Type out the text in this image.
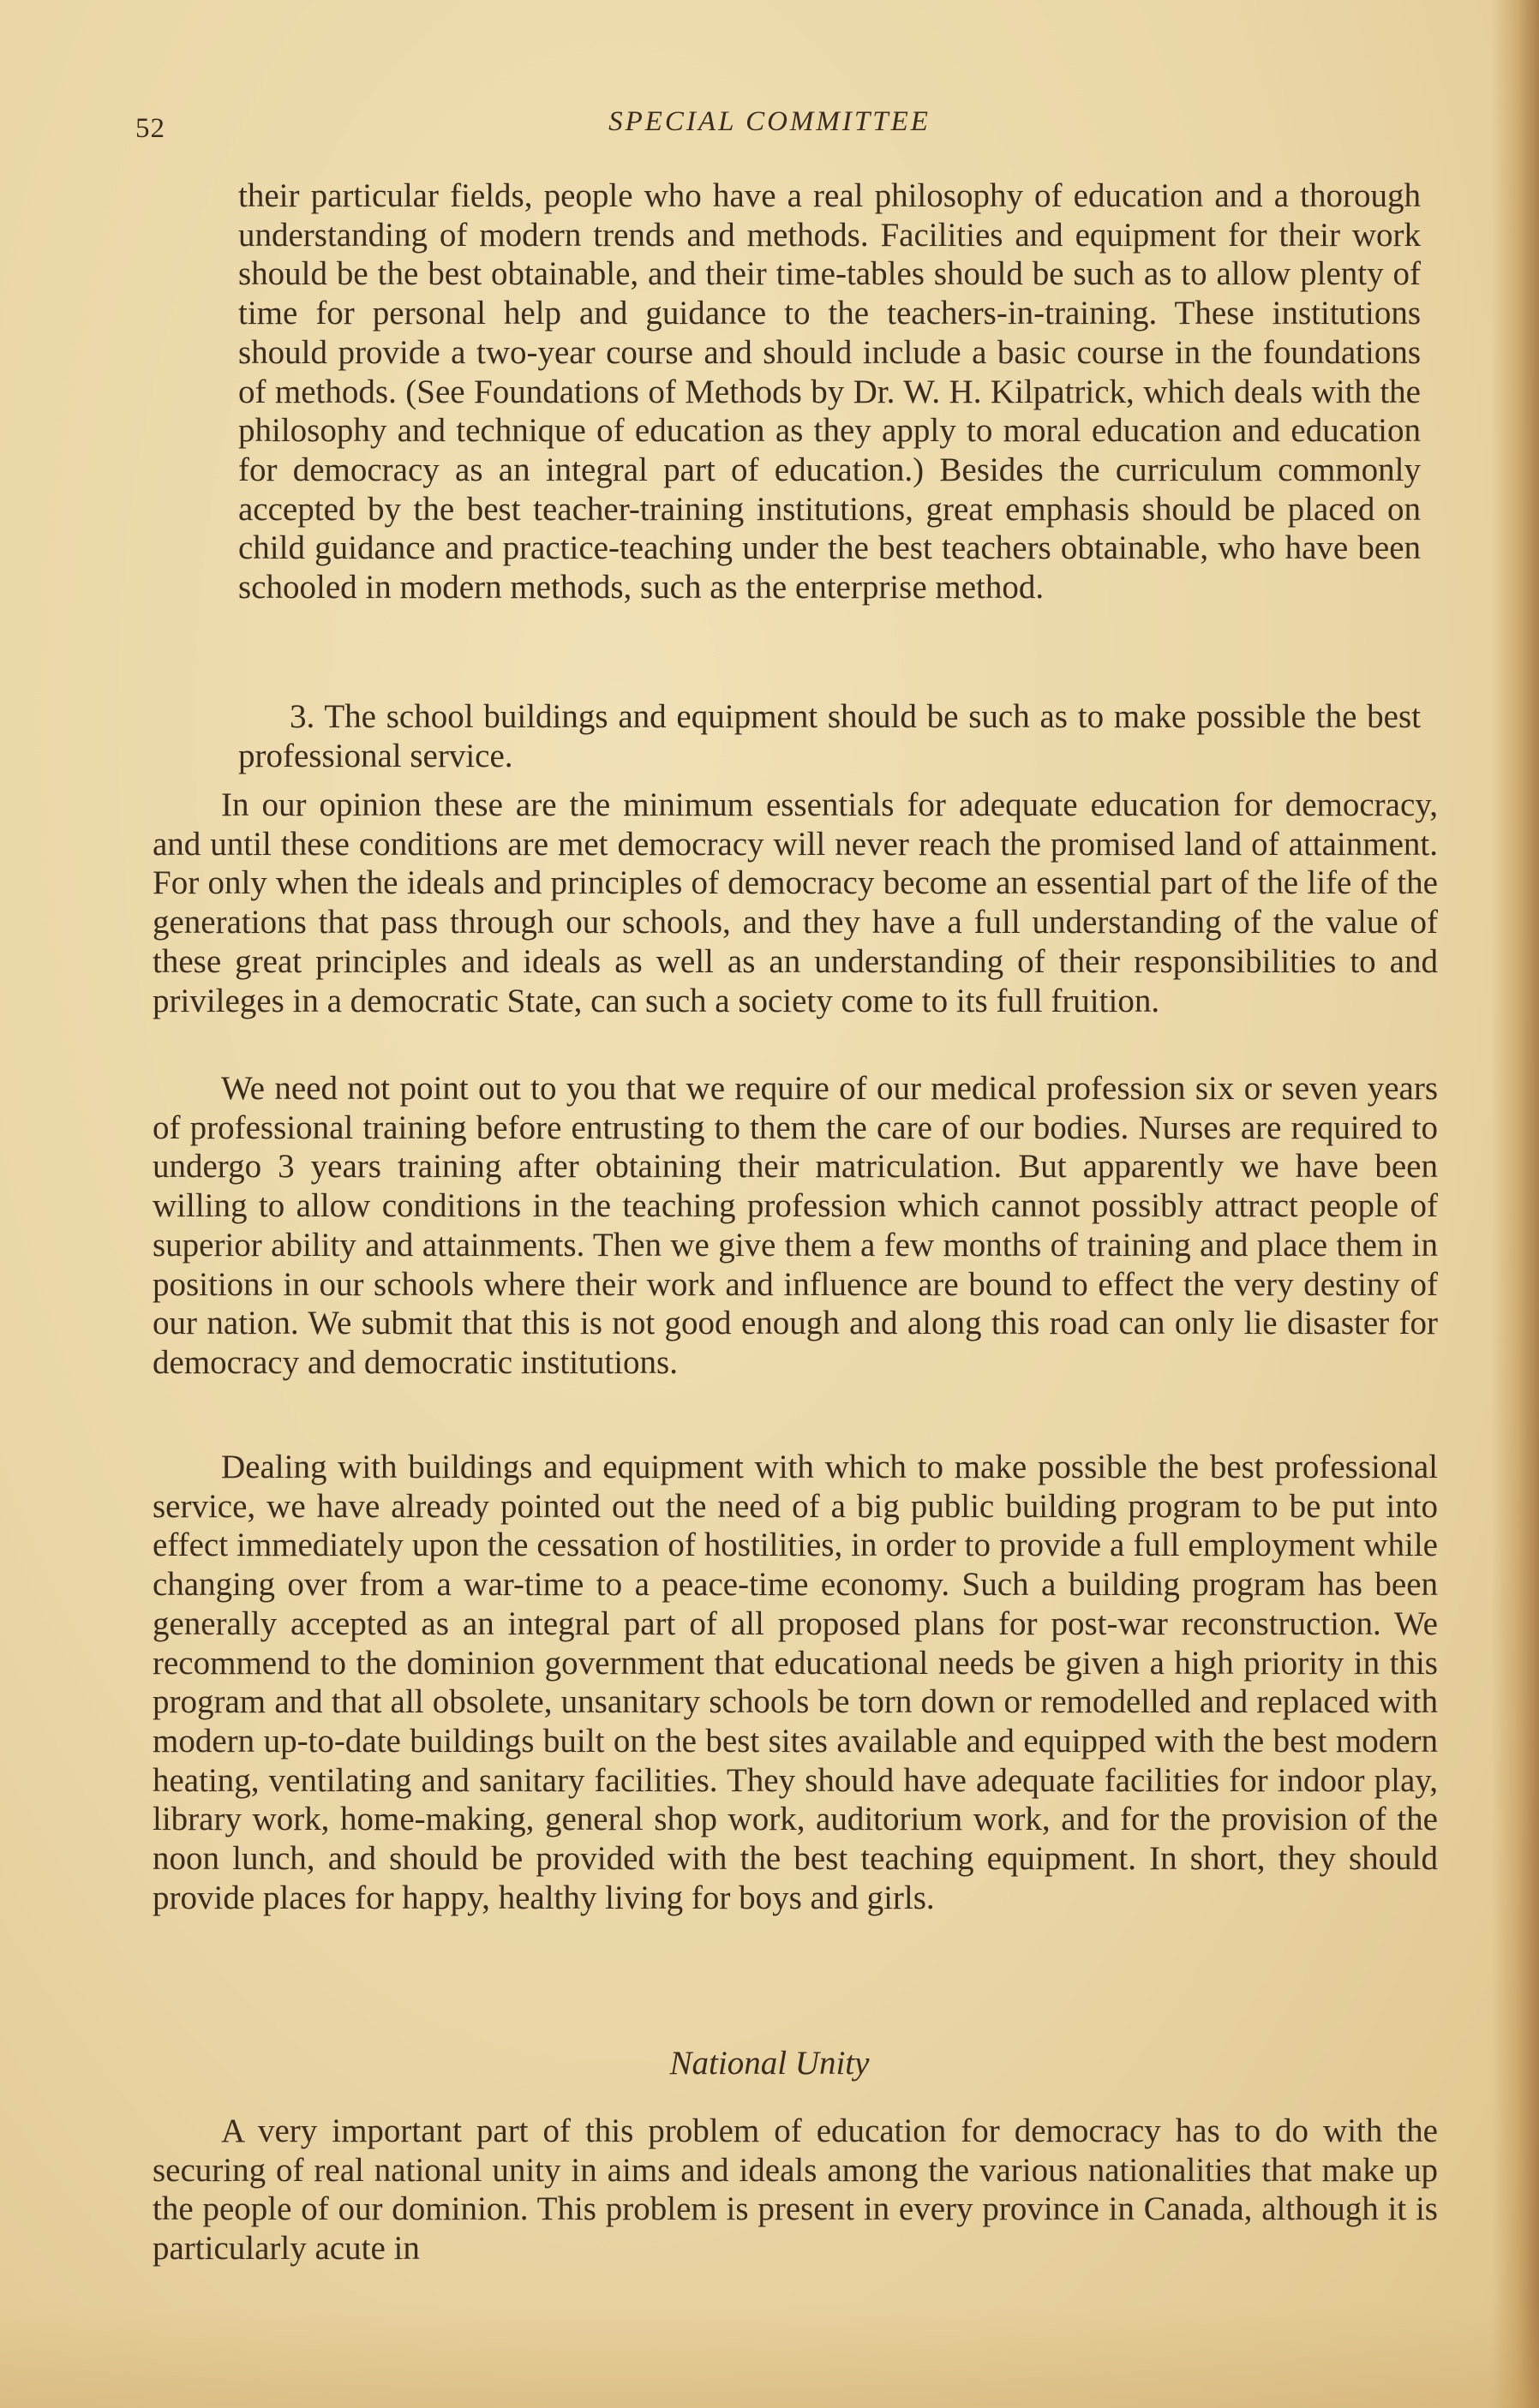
52	SPECIAL COMMITTEE

their particular fields, people who have a real philosophy of education and a thorough understanding of modern trends and methods. Facilities and equipment for their work should be the best obtainable, and their time-tables should be such as to allow plenty of time for personal help and guidance to the teachers-in-training. These institutions should provide a two-year course and should include a basic course in the foundations of methods. (See Foundations of Methods by Dr. W. H. Kilpatrick, which deals with the philosophy and technique of education as they apply to moral education and education for democracy as an integral part of education.) Besides the curriculum commonly accepted by the best teacher-training institutions, great emphasis should be placed on child guidance and practice-teaching under the best teachers obtainable, who have been schooled in modern methods, such as the enterprise method.

3. The school buildings and equipment should be such as to make possible the best professional service.

In our opinion these are the minimum essentials for adequate education for democracy, and until these conditions are met democracy will never reach the promised land of attainment. For only when the ideals and principles of democracy become an essential part of the life of the generations that pass through our schools, and they have a full understanding of the value of these great principles and ideals as well as an understanding of their responsibilities to and privileges in a democratic State, can such a society come to its full fruition.

We need not point out to you that we require of our medical profession six or seven years of professional training before entrusting to them the care of our bodies. Nurses are required to undergo 3 years training after obtaining their matriculation. But apparently we have been willing to allow conditions in the teaching profession which cannot possibly attract people of superior ability and attainments. Then we give them a few months of training and place them in positions in our schools where their work and influence are bound to effect the very destiny of our nation. We submit that this is not good enough and along this road can only lie disaster for democracy and democratic institutions.

Dealing with buildings and equipment with which to make possible the best professional service, we have already pointed out the need of a big public building program to be put into effect immediately upon the cessation of hostilities, in order to provide a full employment while changing over from a war-time to a peace-time economy. Such a building program has been generally accepted as an integral part of all proposed plans for post-war reconstruction. We recommend to the dominion government that educational needs be given a high priority in this program and that all obsolete, unsanitary schools be torn down or remodelled and replaced with modern up-to-date buildings built on the best sites available and equipped with the best modern heating, ventilating and sanitary facilities. They should have adequate facilities for indoor play, library work, home-making, general shop work, auditorium work, and for the provision of the noon lunch, and should be provided with the best teaching equipment. In short, they should provide places for happy, healthy living for boys and girls.

National Unity

A very important part of this problem of education for democracy has to do with the securing of real national unity in aims and ideals among the various nationalities that make up the people of our dominion. This problem is present in every province in Canada, although it is particularly acute in
